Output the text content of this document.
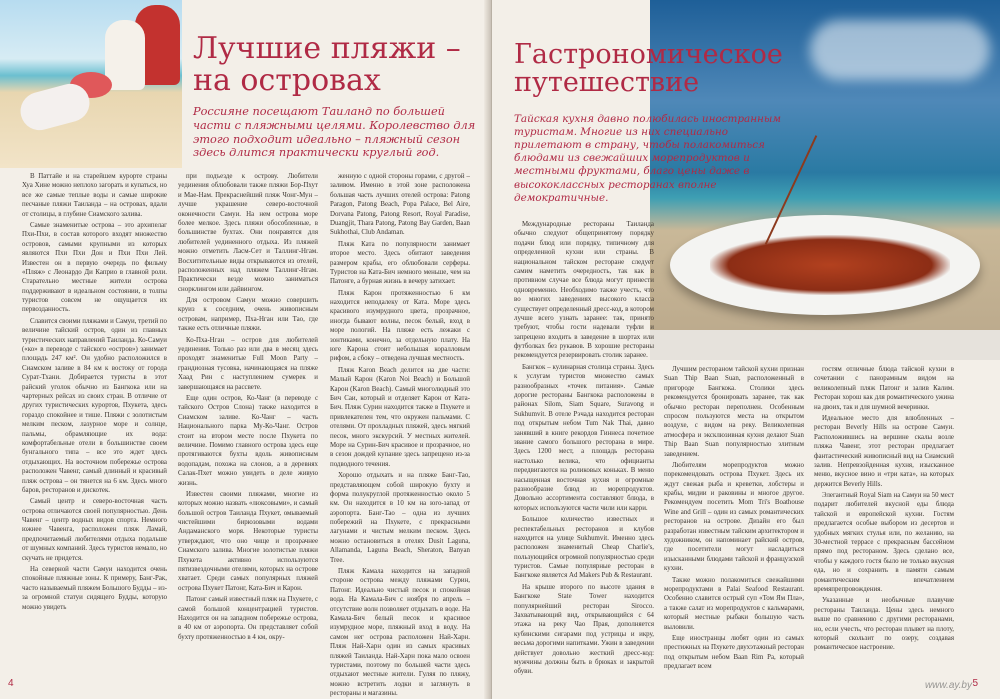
Лучшие пляжи – на островах

Россияне посещают Таиланд по большей части с пляжными целями. Королевство для этого подходит идеально – пляжный сезон здесь длится практически круглый год.

В Паттайе и на старейшем курорте страны Хуа Хине можно неплохо загорать и купаться, но все же самые теплые воды и самые широкие песчаные пляжи Таиланда – на островах, вдали от столицы, в глубине Сиамского залива.

Самые знаменитые острова – это архипелаг Пхи-Пхи, в состав которого входят множество островов, самыми крупными из которых являются Пхи Пхи Дон и Пхи Пхи Лей. Известен он в первую очередь по фильму «Пляж» с Леонардо Ди Каприо в главной роли. Старательно местные жители острова поддерживают в идеальном состоянии, в толпы туристов совсем не ощущается их первозданность.

Славится своими пляжами и Самуи, третий по величине тайский остров, один из главных туристических направлений Таиланда. Ко-Самуи («ко» в переводе с тайского «остров») занимает площадь 247 км². Он удобно расположился в Сиамском заливе в 84 км к востоку от города Сурат-Тхани. Добирается туристы в этот райский уголок обычно из Бангкока или на чартерных рейсах из своих стран. В отличие от других туристических курортов, Пхукета, здесь гораздо спокойнее и тише. Пляжи с золотистым мелким песком, лазурное море и солнце, пальмы, обрамляющие их вода: комфортабельные отели в большинстве своем бунгального типа – все это ждет здесь отдыхающих. На восточном побережье острова расположен Чавенг, самый длинный и красивый пляж острова – он тянется на 6 км. Здесь много баров, ресторанов и дискотек.

Самый центр и северо-восточная часть острова отличаются своей популярностью. День Чавенг – центр водных видов спорта. Немного южнее Чавенга, расположен пляж Ламай, предпочитаемый любителями отдыха подальше от шумных компаний. Здесь туристов немало, но скучать не придется.

На северной части Самуи находится очень спокойные пляжные зоны. К примеру, Банг-Рак, часто называемый пляжем Большого Будды – из-за огромной статуи сидящего Будды, которую можно увидеть

при подъезде к острову. Любители уединения облюбовали также пляжи Бор-Пхут и Мае-Нам. Прекраснейший пляж Чонг-Мун – лучше украшение северо-восточной оконечности Самуи. На нем острова море более мелкое. Здесь пляжи обособленные, в большинстве бухтах. Они понравятся для любителей уединенного отдыха. Из пляжей можно отметить Ласм-Сет и Таллинг-Нгам. Восхитительные виды открываются из отелей, расположенных над пляжем Таллинг-Нгам. Практически везде можно заниматься снорклингом или дайвингом.

Для островом Самуи можно совершить круиз к соседним, очень живописным островам, например, Пха-Нган или Тао, где также есть отличные пляжи.

Ко-Пха-Нган – остров для любителей уединения. Только раз или два в месяц здесь проходят знаменитые Full Moon Party – грандиозная тусовка, начинающаяся на пляже Хаад Рин с наступлением сумерек и завершающаяся на рассвете.

Еще один остров, Ко-Чанг (в переводе с тайского Остров Слона) также находится в Сиамском заливе. Ко-Чанг – часть Национального парка Му-Ко-Чанг. Остров стоит на втором месте после Пхукета по величине. Помимо главного острова здесь еще протягиваются бухты вдоль живописным водопадам, похожа на слонов, а в деревнях Салак-Пхет можно увидеть в деле живую жизнь.

Известен своими пляжами, многие из которых можно назвать «люксовыми», и самый большой остров Таиланда Пхукет, омываемый чистейшими бирюзовыми водами Андаманского моря. Некоторые туристы утверждают, что оно чище и прозрачнее Сиамского залива. Многие золотистые пляжи Пхукета активно используются пятизвездочными отелями, которых на острове хватает. Среди самых популярных пляжей острова Пхукет Патонг, Ката-Бич и Карон.

Патонг самый известный пляж на Пхукете, с самой большой концентрацией туристов. Находится он на западном побережье острова, в 40 км от аэропорта. Он представляет собой бухту протяженностью в 4 км, окру-

женную с одной стороны горами, с другой – заливом. Именно в этой зоне расположена большая часть лучших отелей острова: Patong Paragon, Patong Beach, Popa Palace, Bel Aire, Dorvana Patong, Patong Resort, Royal Paradise, Duangjit, Thara Patong, Patong Bay Garden, Baan Sukhothai, Club Andaman.

Пляж Ката по популярности занимает второе место. Здесь обитают заведения размером крабы, его облюбовали серферы. Туристов на Ката-Бич немного меньше, чем на Патонге, а бурная жизнь в вечеру затихает.

Пляж Карон протяженностью 6 км находится неподалеку от Ката. Море здесь красивого изумрудного цвета, прозрачное, иногда бывают волны, песок белый, вход в море пологий. На пляже есть лежаки с зонтиками, конечно, за отдельную плату. На юге Карона стоит небольшая коралловым рифом, а сбоку – отведена лучшая местность.

Пляж Karon Beach делится на две части: Малый Карон (Karon Noi Beach) и Большой Карон (Karon Beach). Самый многолюдный это Бич Саи, который и отделяет Карон от Ката-Бич. Пляж Сурин находится также в Пхукете и привлекателен тем, что окружен пальмами. С отелями. От прохладных пляжей, здесь мягкий песок, много экскурсий. У местных жителей. Море на Сурин-Бич красивое и прозрачное, но в сезон дождей купание здесь запрещено из-за подводного течения.

Хорошо отдыхать и на пляже Банг-Тао, представляющем собой широкую бухту и форма полукруглой протяженностью около 5 км. Он находится в 10 км на юго-запад от аэропорта. Банг-Тао – одна из лучших побережий на Пхукете, с прекрасными лагунами и чистым мелким песком. Здесь можно остановиться в отелях Dusit Laguna, Allamanda, Laguna Beach, Sheraton, Banyan Tree.

Пляж Камала находится на западной стороне острова между пляжами Сурин, Патонг. Идеально чистый песок и спокойная вода. На Камала-Бич с ноября по апрель – отсутствие волн позволяет отдыхать в воде. На Камала-Бич белый песок и красивое изумрудное море, пляжный вход в воду. На самом нег острова расположен Най-Харн. Пляж Най-Харн один из самых красивых пляжей Таиланда. Най-Харн пока мало освоен туристами, поэтому по большей части здесь отдыхают местные жители. Гуляя по пляжу, можно встретить лодки и заглянуть в рестораны и магазины.

4
Гастрономическое путешествие

Тайская кухня давно полюбилась иностранным туристам. Многие из них специально прилетают в страну, чтобы полакомиться блюдами из свежайших морепродуктов и местными фруктами, благо цены даже в высококлассных ресторанах вполне демократичные.

Международные рестораны Таиланда обычно следуют общепринятому порядку подачи блюд или порядку, типичному для определенной кухни или страны. В национальном тайском ресторане следует самим наметить очередность, так как в противном случае все блюда могут принести одновременно. Необходимо также учесть, что во многих заведениях высокого класса существует определенный дресс-код, в котором лучше всего узнать заранее: так, принято требуют, чтобы гости надевали туфли и запрещено входить в заведение в шортах или футболках без рукавов. В хорошие рестораны рекомендуется резервировать столик заранее.

Бангкок – кулинарная столица страны. Здесь к услугам туристов множество самых разнообразных «точек питания». Самые дорогие рестораны Бангкока расположены в районах Silom, Siam Square, Suravong и Sukhumvit. В отеле Рэчада находится ресторан под открытым небом Tum Nak Thai, давно занявший в книге рекордов Гиннеса почетное звание самого большого ресторана в мире. Здесь 1200 мест, а площадь ресторана настолько велика, что официанты передвигаются на роликовых коньках. В меню насыщенная восточная кухня и огромные разнообразие блюд из морепродуктов. Довольно ассортимента составляют блюда, в которых используются части чили или карри.

Большое количество известных и респектабельных ресторанов и клубов находится на улице Sukhumvit. Именно здесь расположен знаменитый Cheap Charlie's, пользующийся огромной популярностью среди туристов. Самые популярные ресторан в Бангкоке является Ad Makers Pub & Restaurant.

На крыше второго по высоте здания в Бангкоке State Tower находится популярнейший ресторан Sirocco. Захватывающий вид, открывающийся с 64 этажа на реку Чао Прая, дополняется кубинскими сигарами под устрицы и икру, весьма дорогими напитками. Ужин в заведении действует довольно жесткий дресс-код: мужчины должны быть в брюках и закрытой обуви.

Лучшим рестораном тайской кухни признан Suan Thip Baan Suan, расположенный в пригороде Бангкока. Столики здесь рекомендуется бронировать заранее, так как обычно ресторан переполнен. Особенным спросом пользуются места на открытом воздухе, с видом на реку. Великолепная атмосфера и эксклюзивная кухня делают Suan Thip Baan Suan популярностью элитным заведением.

Любителям морепродуктов можно порекомендовать острова Пхукет. Здесь их ждут свежая рыба и креветки, лобстеры и крабы, мидии и раковины и многое другое. Рекомендуем посетить Mom Tri's Boathouse Wine and Grill – один из самых романтических ресторанов на острове. Дизайн его был разработан известным тайским архитектором и художником, он напоминает райский остров, где посетители могут насладиться изысканными блюдами тайской и французской кухни.

Также можно полакомиться свежайшими морепродуктами в Palai Seafood Restaurant. Особенно славится острый суп «Том Ям Пла», а также салат из морепродуктов с кальмарами, который местные рыбаки большую часть выловили.

Еще иностранцы любят один из самых престижных на Пхукете двухэтажный ресторан под открытым небом Baan Rim Pa, который предлагает всем

гостям отличные блюда тайской кухни в сочетании с панорамным видом на великолепный пляж Патонг и залив Калим. Ресторан хорош как для романтического ужина на двоих, так и для шумной вечеринки.

Идеальное место для влюбленных – ресторан Beverly Hills на острове Самуи. Расположившись на вершине скалы возле пляжа Чавенг, этот ресторан предлагает фантастический живописный вид на Сиамский залив. Непревзойденная кухня, изысканное меню, вкусное вино и «три ката», на которых держится Beverly Hills.

Элегантный Royal Siam на Самуи на 50 мест подарит любителей вкусной еды блюда тайской и европейской кухни. Гостям предлагается особые выбором из десертов и удобных мягких стулья или, по желанию, на 30-местной террасе с прекрасным бассейном прямо под рестораном. Здесь сделано все, чтобы у каждого гостя было не только вкусная еда, но и сохранить в памяти самым романтическим впечатлением времяпрепровождения.

Указанные и необычные плавучие рестораны Таиланда. Цены здесь немного выше по сравнению с другими ресторанами, но, если учесть, что ресторан плывет на плоту, который скользит по озеру, создавая романтическое настроение.

5
www.ay.by
